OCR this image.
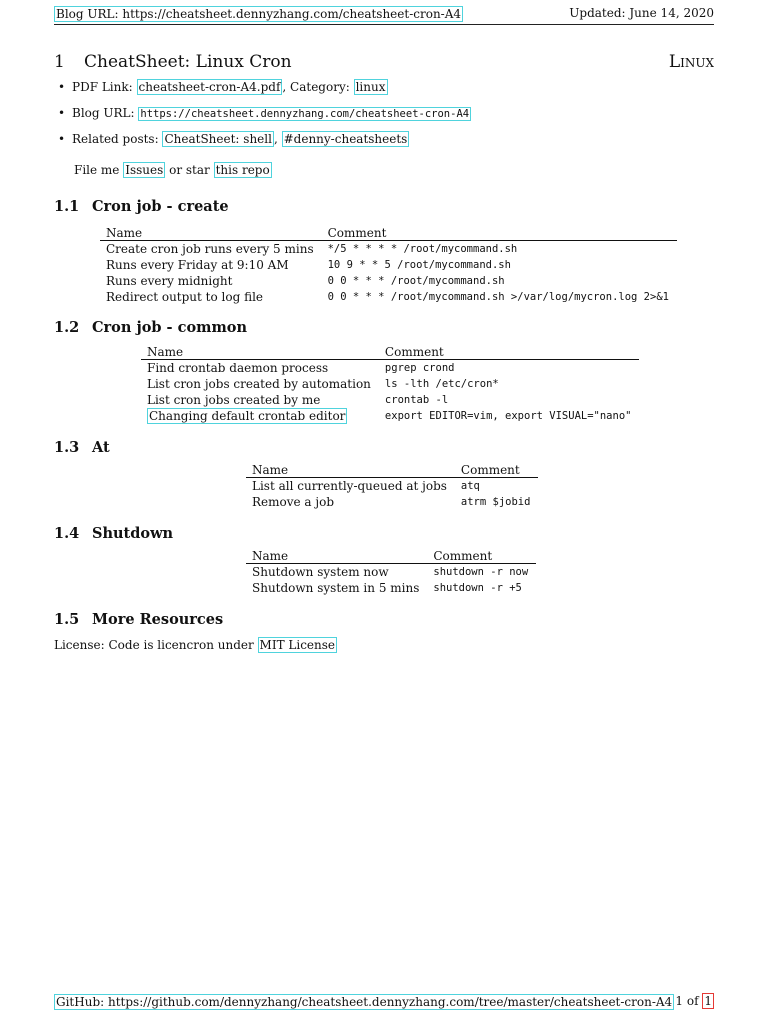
Blog URL: https://cheatsheet.dennyzhang.com/cheatsheet-cron-A4	Updated: June 14, 2020
1 CheatSheet: Linux Cron	Linux
• PDF Link: cheatsheet-cron-A4.pdf , Category: linux
• Blog URL: https://cheatsheet.dennyzhang.com/cheatsheet-cron-A4
• Related posts: CheatSheet: shell , #denny-cheatsheets
File me Issues or star this repo
1.1 Cron job - create
Name	Comment
Create cron job runs every 5 mins	*/5 * * * * /root/mycommand.sh
Runs every Friday at 9:10 AM	10 9 * * 5 /root/mycommand.sh
Runs every midnight	0 0 * * * /root/mycommand.sh
Redirect output to log file	0 0 * * * /root/mycommand.sh >/var/log/mycron.log 2>&1
1.2 Cron job - common
Name	Comment
Find crontab daemon process	pgrep crond
List cron jobs created by automation	ls -lth /etc/cron*
List cron jobs created by me	crontab -l
Changing default crontab editor	export EDITOR=vim, export VISUAL="nano"
1.3 At
Name	Comment
List all currently-queued at jobs	atq
Remove a job	atrm $jobid
1.4 Shutdown
Name	Comment
Shutdown system now	shutdown -r now
Shutdown system in 5 mins	shutdown -r +5
1.5 More Resources
License: Code is licencron under MIT License
GitHub: https://github.com/dennyzhang/cheatsheet.dennyzhang.com/tree/master/cheatsheet-cron-A4 1 of 1
